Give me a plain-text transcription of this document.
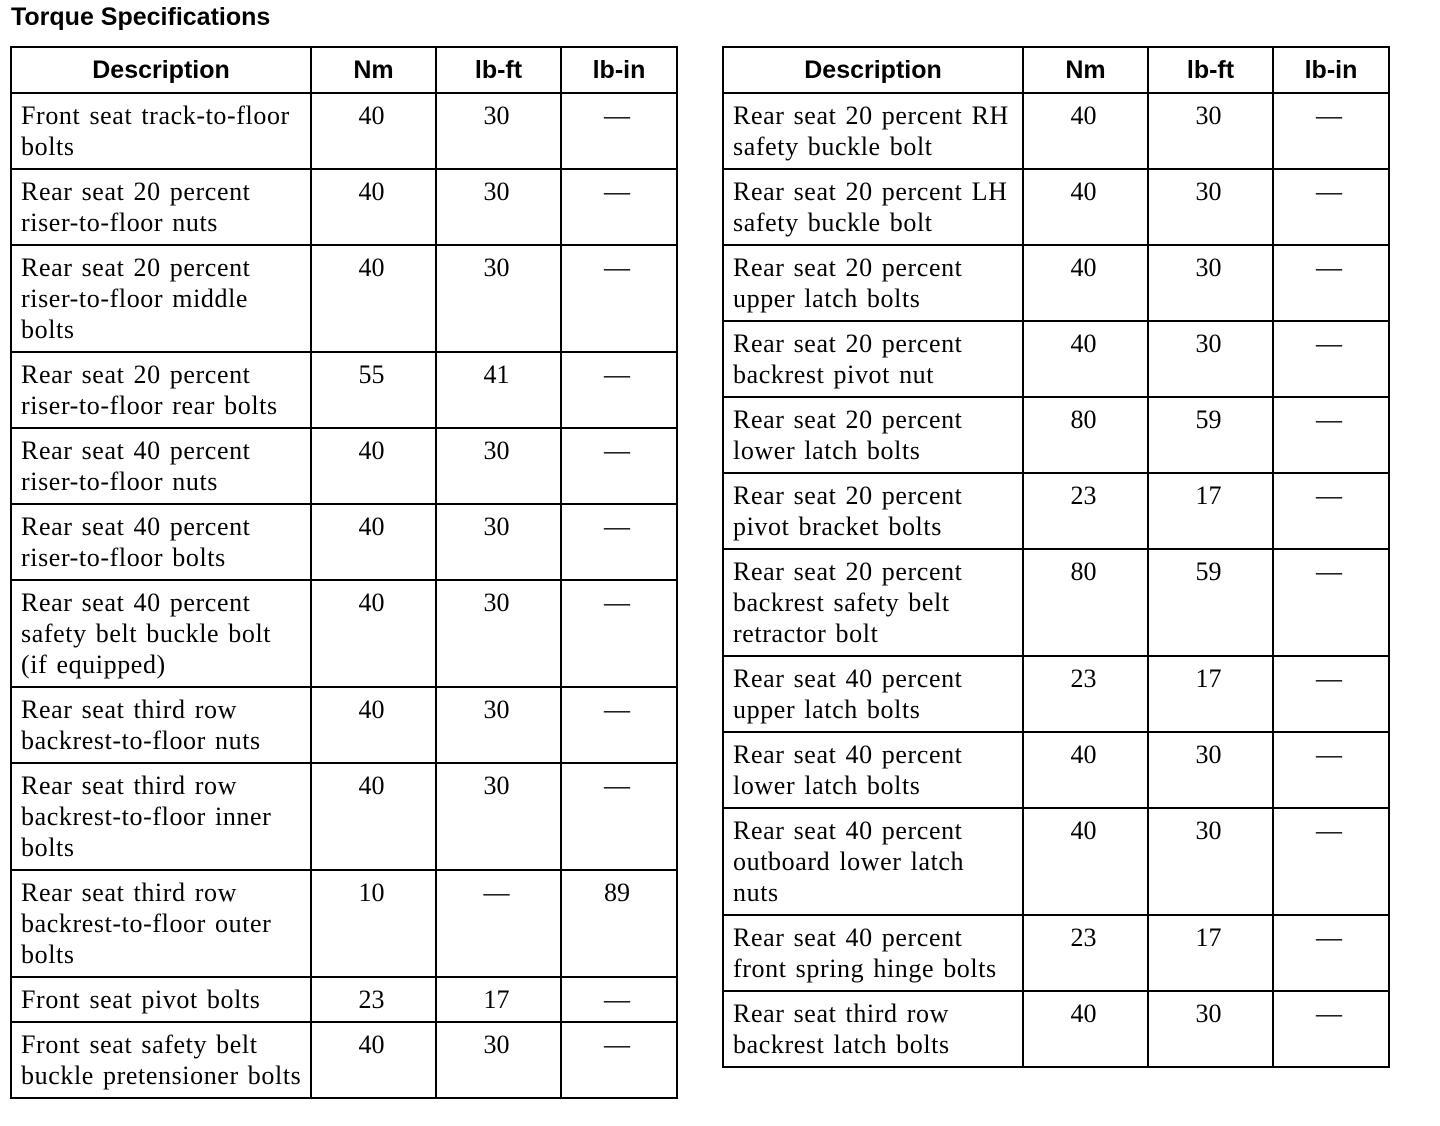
Torque Specifications
Description	Nm	lb-ft	lb-in
Front seat track-to-floor bolts	40	30	—
Rear seat 20 percent riser-to-floor nuts	40	30	—
Rear seat 20 percent riser-to-floor middle bolts	40	30	—
Rear seat 20 percent riser-to-floor rear bolts	55	41	—
Rear seat 40 percent riser-to-floor nuts	40	30	—
Rear seat 40 percent riser-to-floor bolts	40	30	—
Rear seat 40 percent safety belt buckle bolt (if equipped)	40	30	—
Rear seat third row backrest-to-floor nuts	40	30	—
Rear seat third row backrest-to-floor inner bolts	40	30	—
Rear seat third row backrest-to-floor outer bolts	10	—	89
Front seat pivot bolts	23	17	—
Front seat safety belt buckle pretensioner bolts	40	30	—
Description	Nm	lb-ft	lb-in
Rear seat 20 percent RH safety buckle bolt	40	30	—
Rear seat 20 percent LH safety buckle bolt	40	30	—
Rear seat 20 percent upper latch bolts	40	30	—
Rear seat 20 percent backrest pivot nut	40	30	—
Rear seat 20 percent lower latch bolts	80	59	—
Rear seat 20 percent pivot bracket bolts	23	17	—
Rear seat 20 percent backrest safety belt retractor bolt	80	59	—
Rear seat 40 percent upper latch bolts	23	17	—
Rear seat 40 percent lower latch bolts	40	30	—
Rear seat 40 percent outboard lower latch nuts	40	30	—
Rear seat 40 percent front spring hinge bolts	23	17	—
Rear seat third row backrest latch bolts	40	30	—
